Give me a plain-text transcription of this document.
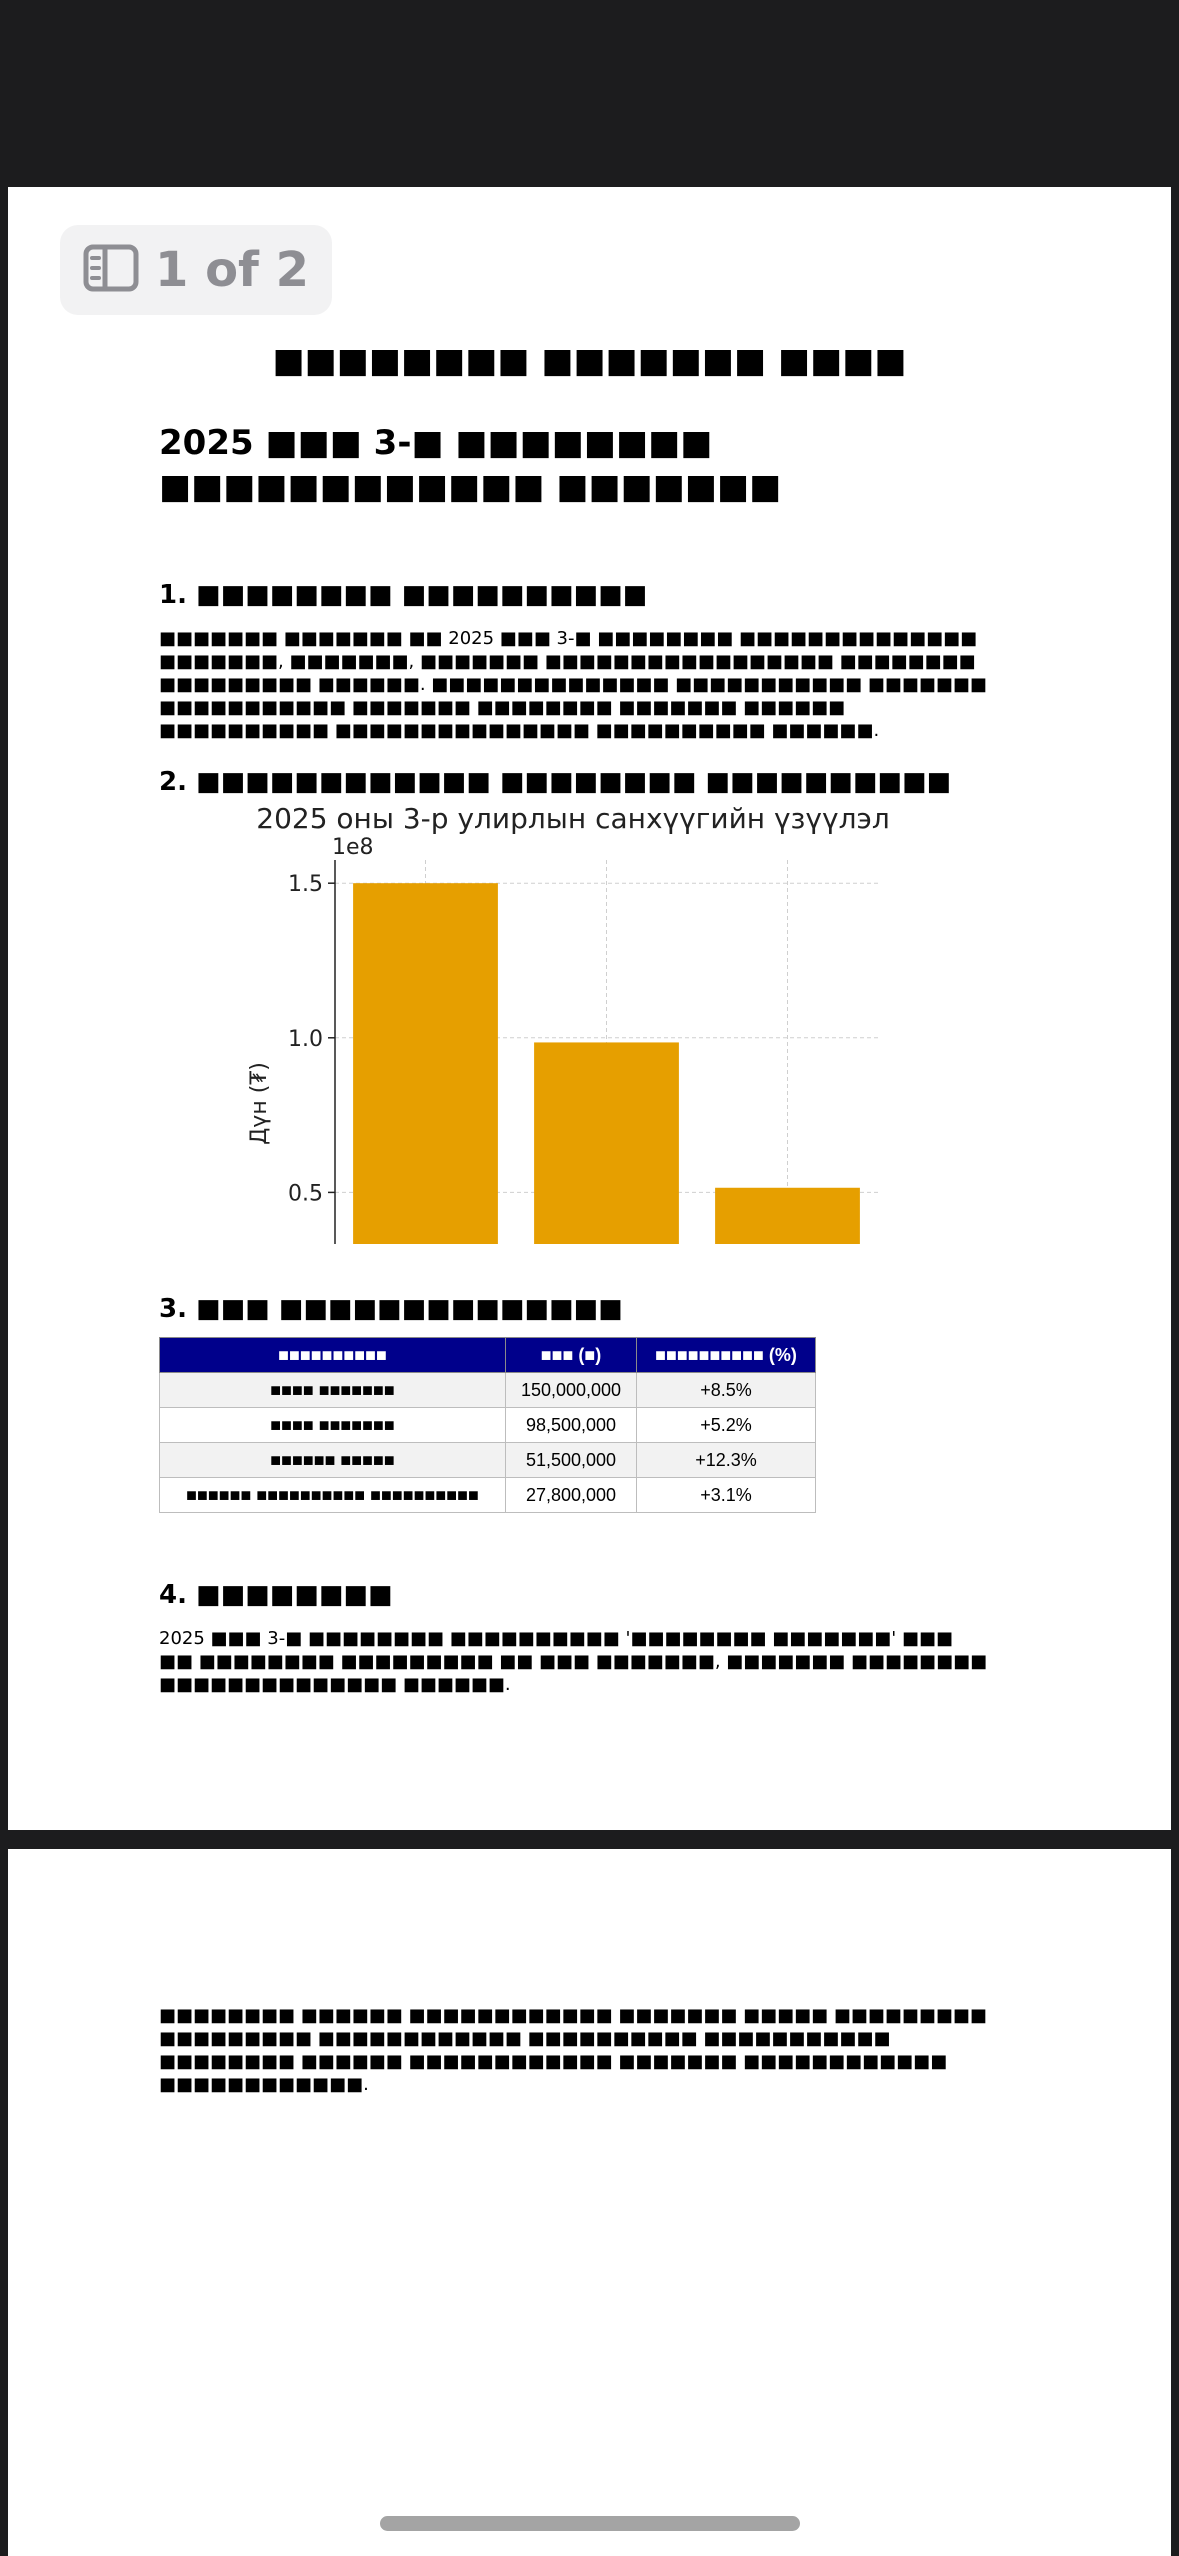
1 of 2
■■■■■■■■ ■■■■■■■ ■■■■
2025 ■■■ 3-■ ■■■■■■■■ ■■■■■■■■■■■■ ■■■■■■■
1. ■■■■■■■■ ■■■■■■■■■■
■■■■■■■ ■■■■■■■ ■■ 2025 ■■■ 3-■ ■■■■■■■■ ■■■■■■■■■■■■■■ ■■■■■■■, ■■■■■■■, ■■■■■■■ ■■■■■■■■■■■■■■■■■ ■■■■■■■■ ■■■■■■■■■ ■■■■■■. ■■■■■■■■■■■■■■ ■■■■■■■■■■■ ■■■■■■■ ■■■■■■■■■■■ ■■■■■■■ ■■■■■■■■ ■■■■■■■ ■■■■■■ ■■■■■■■■■■ ■■■■■■■■■■■■■■■ ■■■■■■■■■■ ■■■■■■.
2. ■■■■■■■■■■■■ ■■■■■■■■ ■■■■■■■■■■
2025 оны 3-р улирлын санхүүгийн үзүүлэл
1e8
0.5
1.0
1.5
Дүн (₮)
3. ■■■ ■■■■■■■■■■■■■■
■■■■■■■■■■	■■■ (■)	■■■■■■■■■■ (%)
■■■■ ■■■■■■■	150,000,000	+8.5%
■■■■ ■■■■■■■	98,500,000	+5.2%
■■■■■■ ■■■■■	51,500,000	+12.3%
■■■■■■ ■■■■■■■■■■ ■■■■■■■■■■	27,800,000	+3.1%
4. ■■■■■■■■
2025 ■■■ 3-■ ■■■■■■■■ ■■■■■■■■■■ '■■■■■■■■ ■■■■■■■' ■■■ ■■ ■■■■■■■■ ■■■■■■■■■ ■■ ■■■ ■■■■■■■, ■■■■■■■ ■■■■■■■■ ■■■■■■■■■■■■■■ ■■■■■■.
■■■■■■■■ ■■■■■■ ■■■■■■■■■■■■ ■■■■■■■ ■■■■■ ■■■■■■■■■ ■■■■■■■■■ ■■■■■■■■■■■■ ■■■■■■■■■■ ■■■■■■■■■■■ ■■■■■■■■ ■■■■■■ ■■■■■■■■■■■■ ■■■■■■■ ■■■■■■■■■■■■ ■■■■■■■■■■■■.
